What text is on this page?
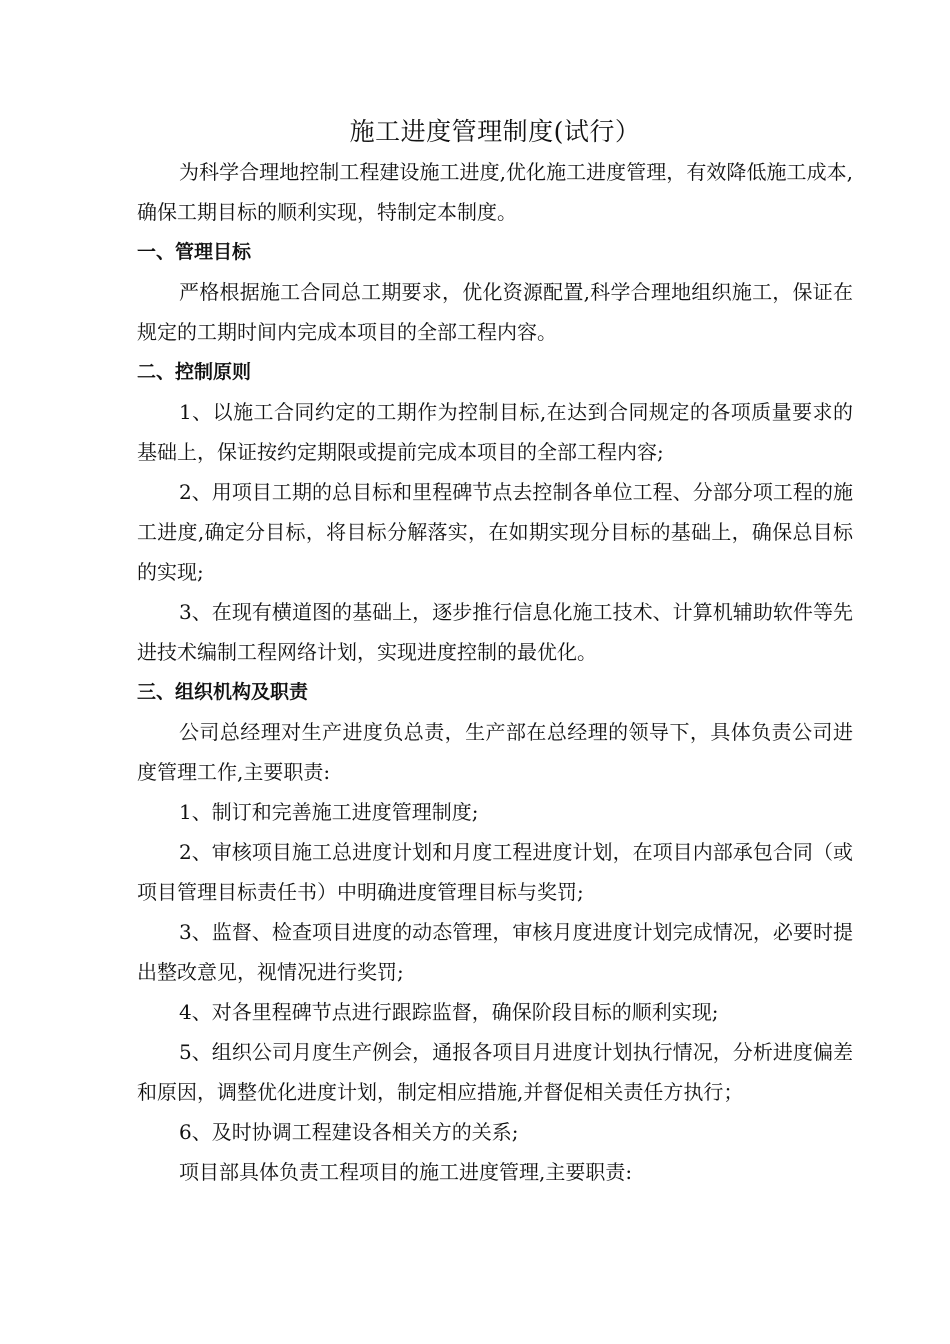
施工进度管理制度(试行）

为科学合理地控制工程建设施工进度,优化施工进度管理，有效降低施工成本,确保工期目标的顺利实现，特制定本制度。

一、管理目标

严格根据施工合同总工期要求，优化资源配置,科学合理地组织施工，保证在规定的工期时间内完成本项目的全部工程内容。

二、控制原则

1、以施工合同约定的工期作为控制目标,在达到合同规定的各项质量要求的基础上，保证按约定期限或提前完成本项目的全部工程内容;

2、用项目工期的总目标和里程碑节点去控制各单位工程、分部分项工程的施工进度,确定分目标，将目标分解落实，在如期实现分目标的基础上，确保总目标的实现;

3、在现有横道图的基础上，逐步推行信息化施工技术、计算机辅助软件等先进技术编制工程网络计划，实现进度控制的最优化。

三、组织机构及职责

公司总经理对生产进度负总责，生产部在总经理的领导下，具体负责公司进度管理工作,主要职责:

1、制订和完善施工进度管理制度;

2、审核项目施工总进度计划和月度工程进度计划，在项目内部承包合同（或项目管理目标责任书）中明确进度管理目标与奖罚;

3、监督、检查项目进度的动态管理，审核月度进度计划完成情况，必要时提出整改意见，视情况进行奖罚;

4、对各里程碑节点进行跟踪监督，确保阶段目标的顺利实现;

5、组织公司月度生产例会，通报各项目月进度计划执行情况，分析进度偏差和原因，调整优化进度计划，制定相应措施,并督促相关责任方执行；

6、及时协调工程建设各相关方的关系;

项目部具体负责工程项目的施工进度管理,主要职责:
